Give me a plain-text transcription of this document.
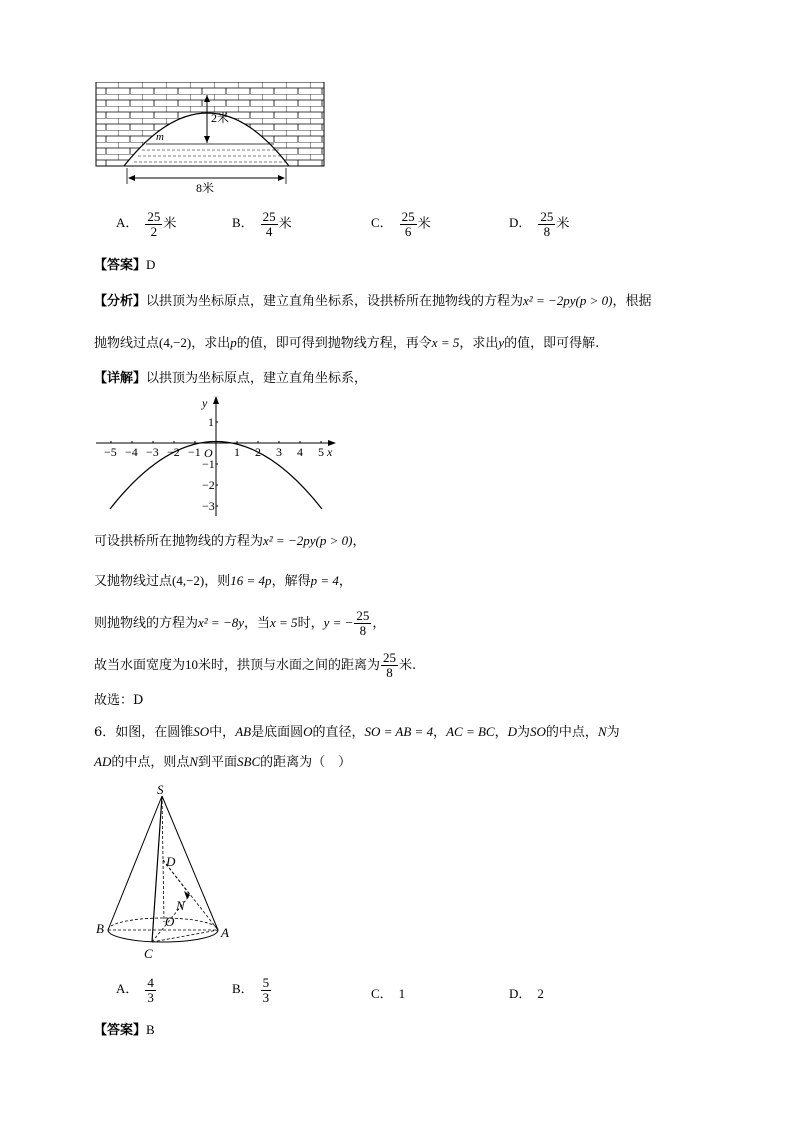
2米
m
8米
A． $\frac{25}{2}$ 米	B． $\frac{25}{4}$ 米	C． $\frac{25}{6}$ 米	D． $\frac{25}{8}$ 米
【答案】D
【分析】以拱顶为坐标原点，建立直角坐标系，设拱桥所在抛物线的方程为x² = −2py(p > 0)，根据
抛物线过点(4,−2)，求出p的值，即可得到抛物线方程，再令x = 5，求出y的值，即可得解.
【详解】以拱顶为坐标原点，建立直角坐标系，
y
x
O
−5 −4 −3 −2 −1	1 2 3 4 5
1
−1
−2
−3
可设拱桥所在抛物线的方程为x² = −2py(p > 0)，
又抛物线过点(4,−2)，则16 = 4p，解得p = 4，
则抛物线的方程为x² = −8y，当x = 5时，y = − $\frac{25}{8}$ ，
故当水面宽度为10米时，拱顶与水面之间的距离为 $\frac{25}{8}$ 米.
故选：D
6．如图，在圆锥SO中，AB是底面圆O的直径，SO = AB = 4，AC = BC，D为SO的中点，N为
AD的中点，则点N到平面SBC的距离为（　）
S
D
N
O
B	A
C
A． $\frac{4}{3}$	B． $\frac{5}{3}$	C． 1	D． 2
【答案】B
